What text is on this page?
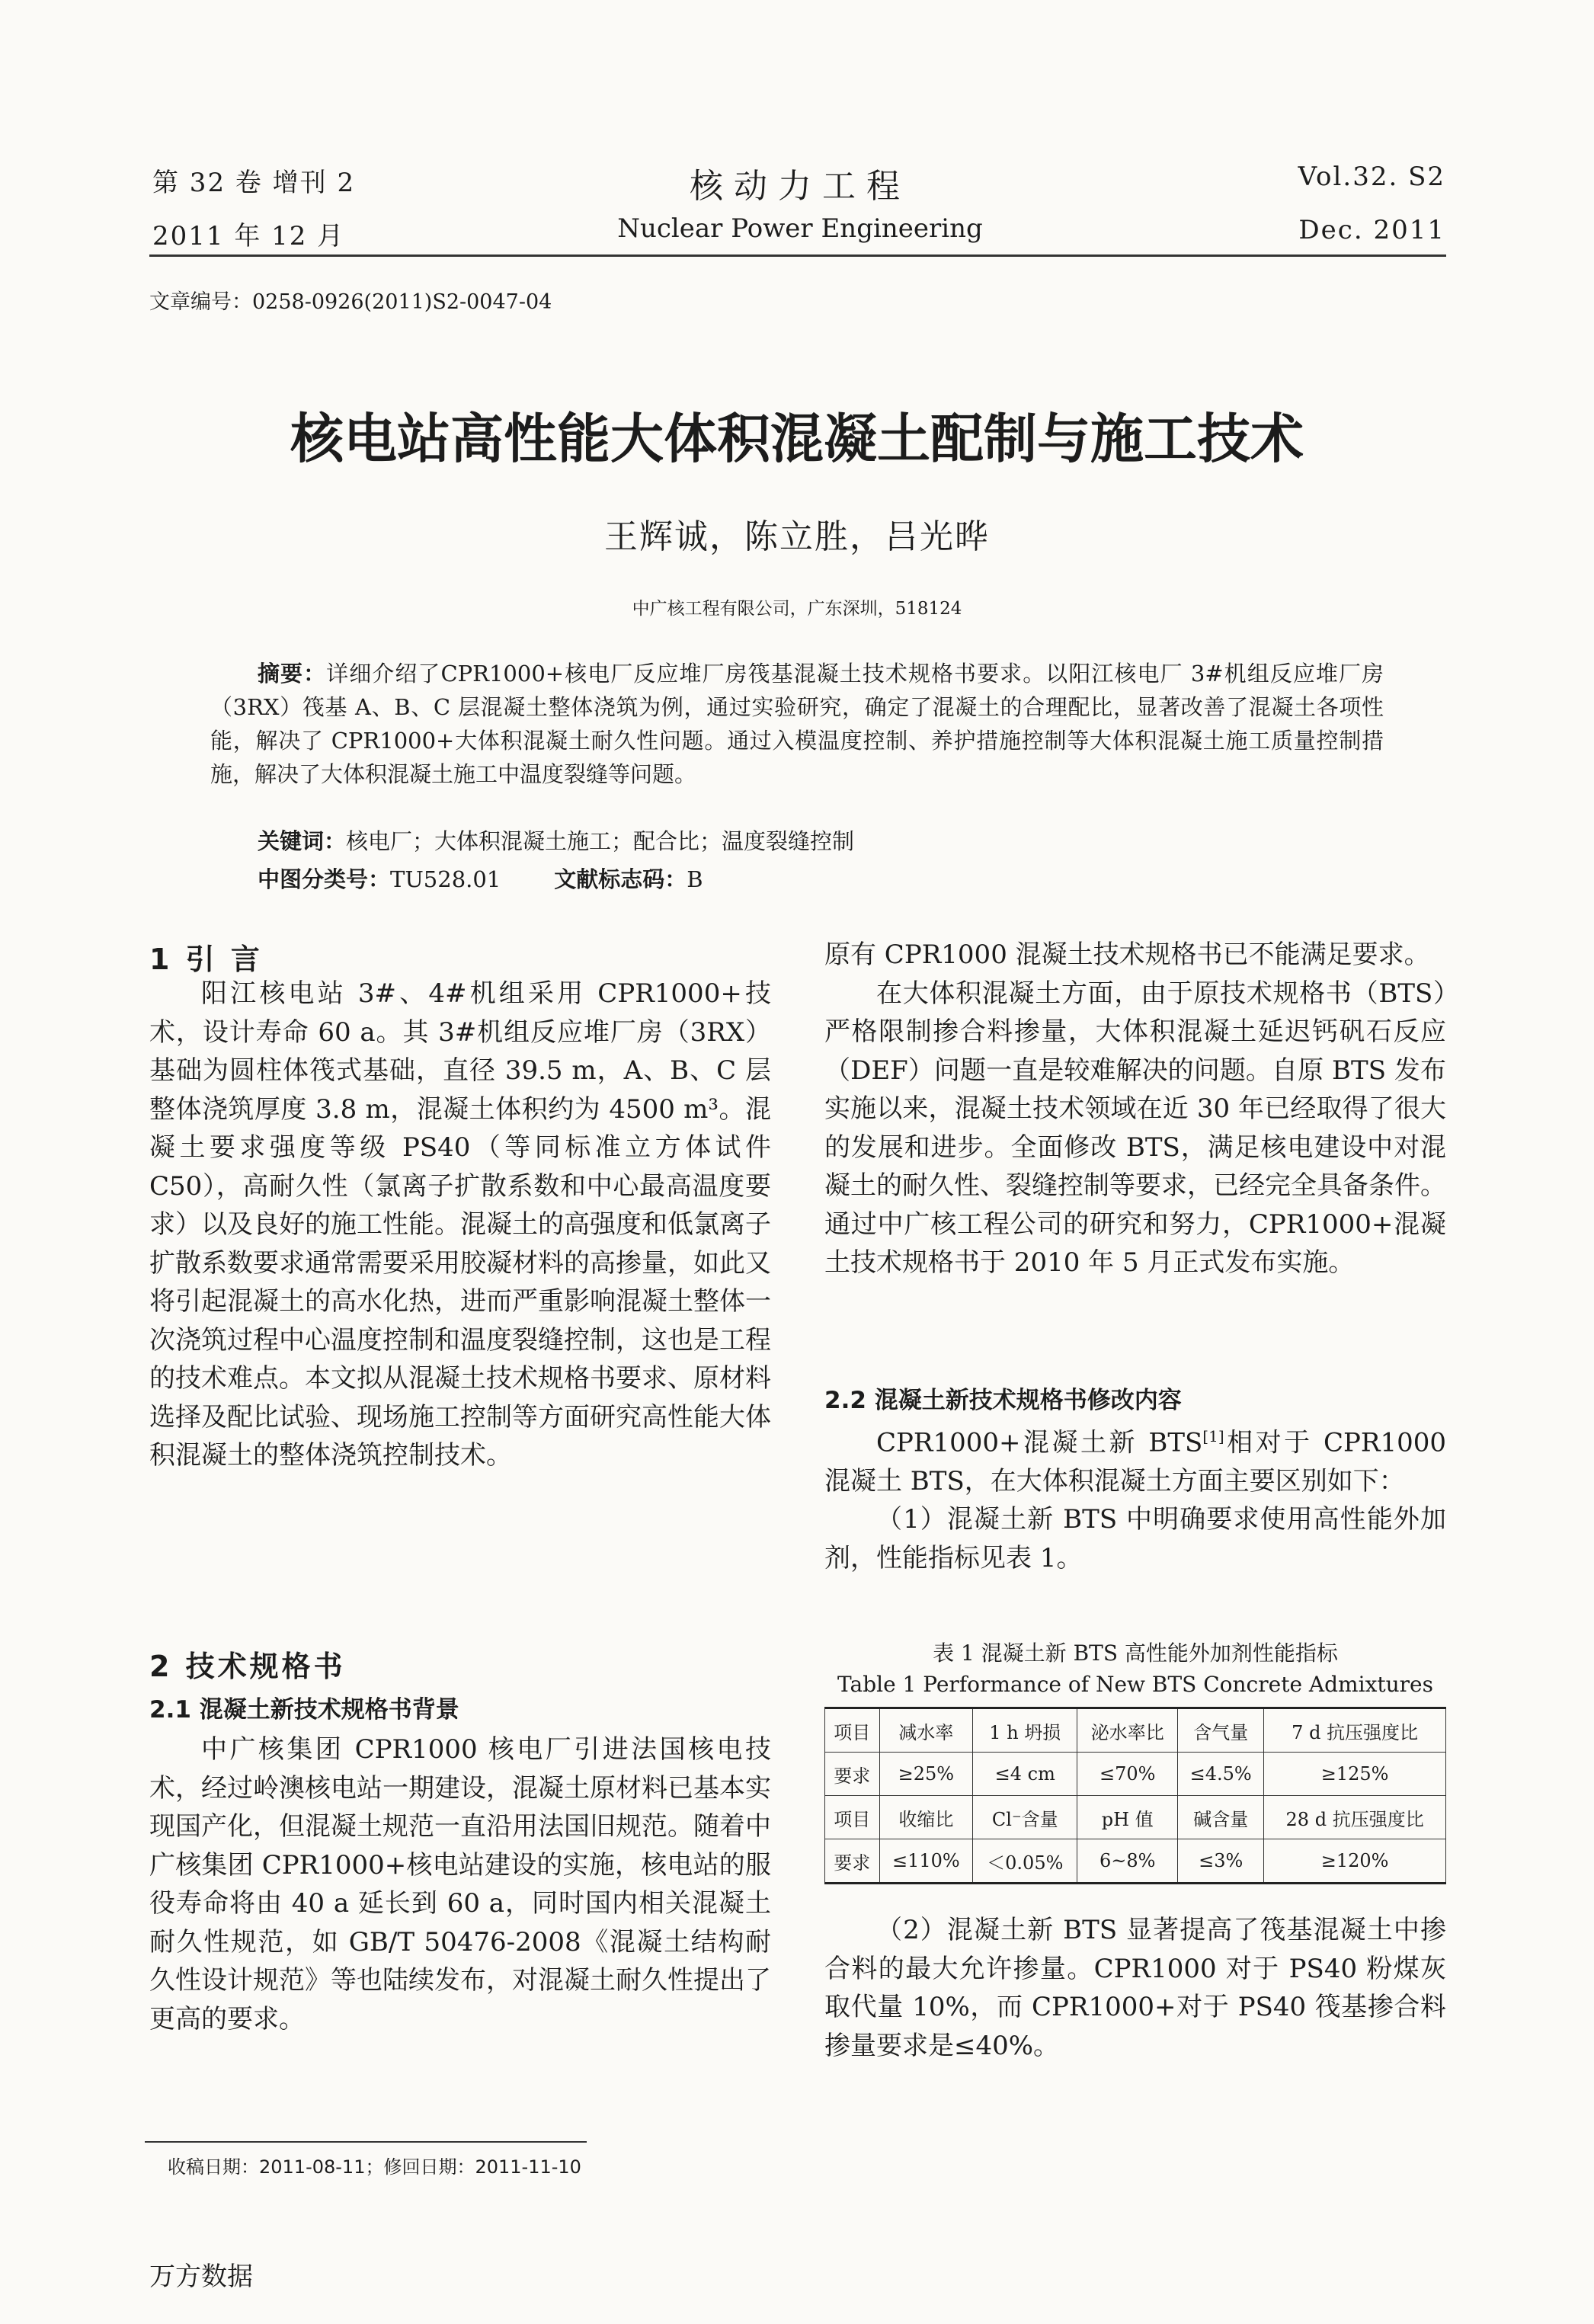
第 32 卷 增刊 2
2011 年 12 月
核动力工程
Nuclear Power Engineering
Vol.32. S2
Dec. 2011
文章编号：0258-0926(2011)S2-0047-04
核电站高性能大体积混凝土配制与施工技术
王辉诚，陈立胜，吕光晔
中广核工程有限公司，广东深圳，518124
摘要：详细介绍了CPR1000+核电厂反应堆厂房筏基混凝土技术规格书要求。以阳江核电厂 3#机组反应堆厂房（3RX）筏基 A、B、C 层混凝土整体浇筑为例，通过实验研究，确定了混凝土的合理配比，显著改善了混凝土各项性能，解决了 CPR1000+大体积混凝土耐久性问题。通过入模温度控制、养护措施控制等大体积混凝土施工质量控制措施，解决了大体积混凝土施工中温度裂缝等问题。
关键词：核电厂；大体积混凝土施工；配合比；温度裂缝控制
中图分类号：TU528.01 文献标志码：B
1 引 言

阳江核电站 3#、4#机组采用 CPR1000+技术，设计寿命 60 a。其 3#机组反应堆厂房（3RX）基础为圆柱体筏式基础，直径 39.5 m，A、B、C 层整体浇筑厚度 3.8 m，混凝土体积约为 4500 m³。混凝土要求强度等级 PS40（等同标准立方体试件 C50），高耐久性（氯离子扩散系数和中心最高温度要求）以及良好的施工性能。混凝土的高强度和低氯离子扩散系数要求通常需要采用胶凝材料的高掺量，如此又将引起混凝土的高水化热，进而严重影响混凝土整体一次浇筑过程中心温度控制和温度裂缝控制，这也是工程的技术难点。本文拟从混凝土技术规格书要求、原材料选择及配比试验、现场施工控制等方面研究高性能大体积混凝土的整体浇筑控制技术。

2 技术规格书
2.1 混凝土新技术规格书背景

中广核集团 CPR1000 核电厂引进法国核电技术，经过岭澳核电站一期建设，混凝土原材料已基本实现国产化，但混凝土规范一直沿用法国旧规范。随着中广核集团 CPR1000+核电站建设的实施，核电站的服役寿命将由 40 a 延长到 60 a，同时国内相关混凝土耐久性规范，如 GB/T 50476-2008《混凝土结构耐久性设计规范》等也陆续发布，对混凝土耐久性提出了更高的要求。

原有 CPR1000 混凝土技术规格书已不能满足要求。

在大体积混凝土方面，由于原技术规格书（BTS）严格限制掺合料掺量，大体积混凝土延迟钙矾石反应（DEF）问题一直是较难解决的问题。自原 BTS 发布实施以来，混凝土技术领域在近 30 年已经取得了很大的发展和进步。全面修改 BTS，满足核电建设中对混凝土的耐久性、裂缝控制等要求，已经完全具备条件。通过中广核工程公司的研究和努力，CPR1000+混凝土技术规格书于 2010 年 5 月正式发布实施。

2.2 混凝土新技术规格书修改内容

CPR1000+混凝土新 BTS[1]相对于 CPR1000 混凝土 BTS，在大体积混凝土方面主要区别如下：

（1）混凝土新 BTS 中明确要求使用高性能外加剂，性能指标见表 1。

表 1 混凝土新 BTS 高性能外加剂性能指标
Table 1 Performance of New BTS Concrete Admixtures
项目	减水率	1 h 坍损	泌水率比	含气量	7 d 抗压强度比
要求	≥25%	≤4 cm	≤70%	≤4.5%	≥125%
项目	收缩比	Cl⁻含量	pH 值	碱含量	28 d 抗压强度比
要求	≤110%	＜0.05%	6~8%	≤3%	≥120%

（2）混凝土新 BTS 显著提高了筏基混凝土中掺合料的最大允许掺量。CPR1000 对于 PS40 粉煤灰取代量 10%，而 CPR1000+对于 PS40 筏基掺合料掺量要求是≤40%。

收稿日期：2011-08-11；修回日期：2011-11-10
万方数据
